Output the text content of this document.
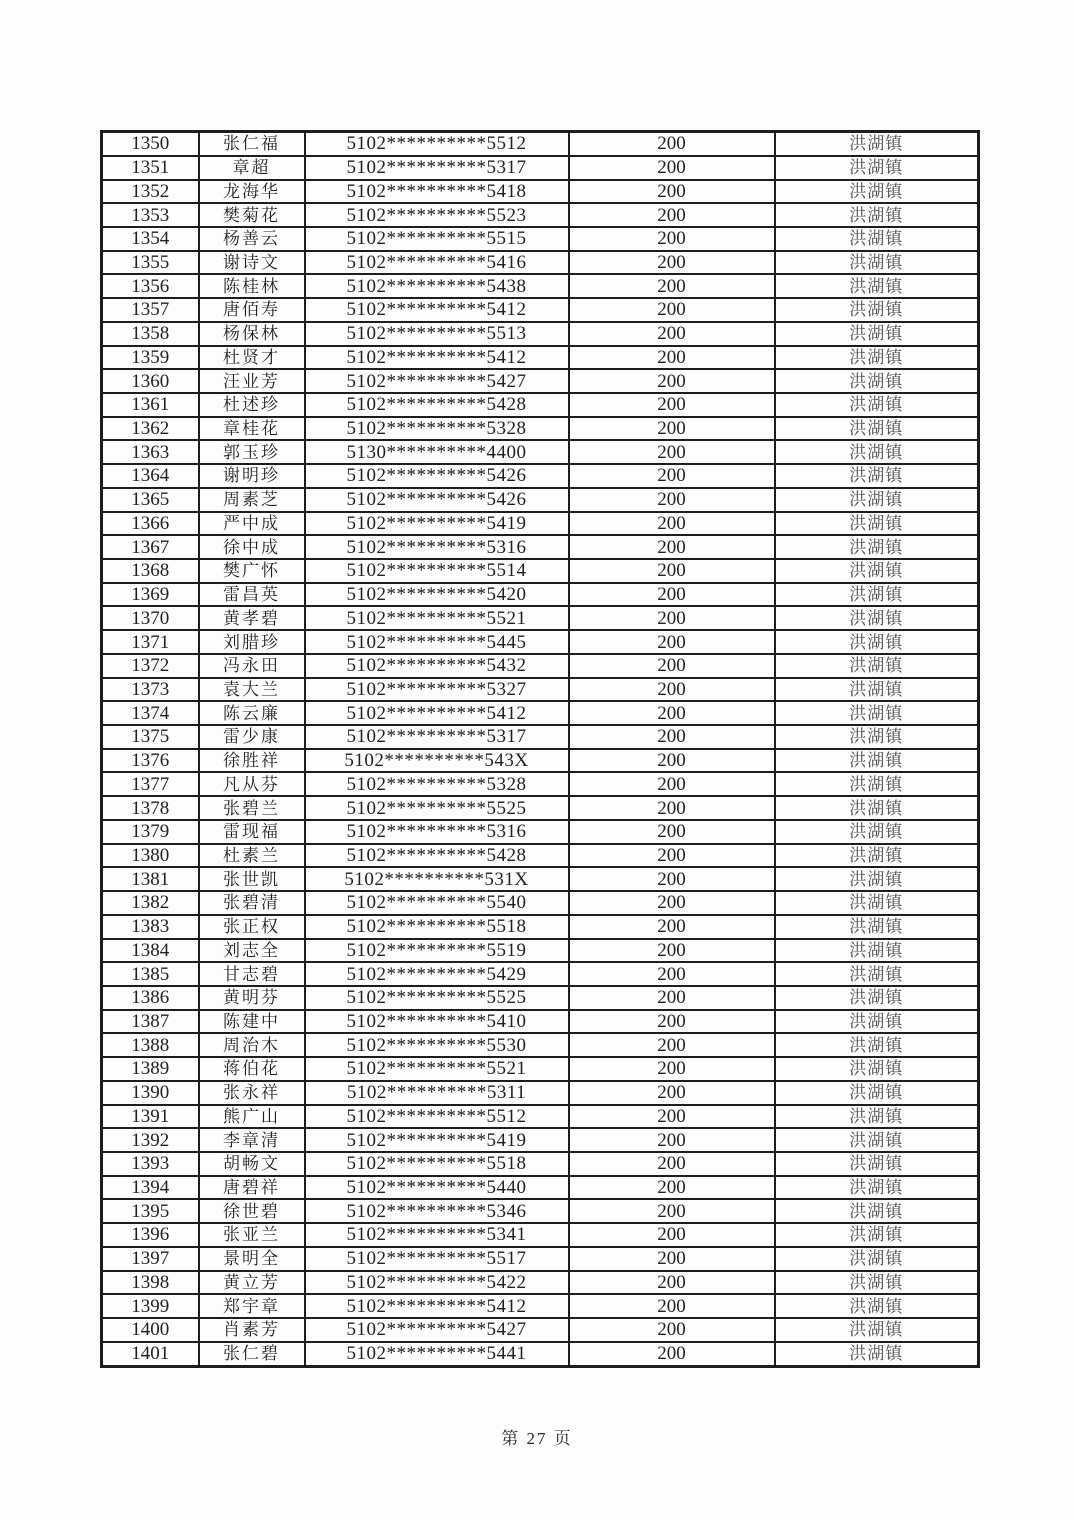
1350	张仁福	5102**********5512	200	洪湖镇
1351	章超	5102**********5317	200	洪湖镇
1352	龙海华	5102**********5418	200	洪湖镇
1353	樊菊花	5102**********5523	200	洪湖镇
1354	杨善云	5102**********5515	200	洪湖镇
1355	谢诗文	5102**********5416	200	洪湖镇
1356	陈桂林	5102**********5438	200	洪湖镇
1357	唐佰寿	5102**********5412	200	洪湖镇
1358	杨保林	5102**********5513	200	洪湖镇
1359	杜贤才	5102**********5412	200	洪湖镇
1360	汪业芳	5102**********5427	200	洪湖镇
1361	杜述珍	5102**********5428	200	洪湖镇
1362	章桂花	5102**********5328	200	洪湖镇
1363	郭玉珍	5130**********4400	200	洪湖镇
1364	谢明珍	5102**********5426	200	洪湖镇
1365	周素芝	5102**********5426	200	洪湖镇
1366	严中成	5102**********5419	200	洪湖镇
1367	徐中成	5102**********5316	200	洪湖镇
1368	樊广怀	5102**********5514	200	洪湖镇
1369	雷昌英	5102**********5420	200	洪湖镇
1370	黄孝碧	5102**********5521	200	洪湖镇
1371	刘腊珍	5102**********5445	200	洪湖镇
1372	冯永田	5102**********5432	200	洪湖镇
1373	袁大兰	5102**********5327	200	洪湖镇
1374	陈云廉	5102**********5412	200	洪湖镇
1375	雷少康	5102**********5317	200	洪湖镇
1376	徐胜祥	5102**********543X	200	洪湖镇
1377	凡从芬	5102**********5328	200	洪湖镇
1378	张碧兰	5102**********5525	200	洪湖镇
1379	雷现福	5102**********5316	200	洪湖镇
1380	杜素兰	5102**********5428	200	洪湖镇
1381	张世凯	5102**********531X	200	洪湖镇
1382	张碧清	5102**********5540	200	洪湖镇
1383	张正权	5102**********5518	200	洪湖镇
1384	刘志全	5102**********5519	200	洪湖镇
1385	甘志碧	5102**********5429	200	洪湖镇
1386	黄明芬	5102**********5525	200	洪湖镇
1387	陈建中	5102**********5410	200	洪湖镇
1388	周治木	5102**********5530	200	洪湖镇
1389	蒋伯花	5102**********5521	200	洪湖镇
1390	张永祥	5102**********5311	200	洪湖镇
1391	熊广山	5102**********5512	200	洪湖镇
1392	李章清	5102**********5419	200	洪湖镇
1393	胡畅文	5102**********5518	200	洪湖镇
1394	唐碧祥	5102**********5440	200	洪湖镇
1395	徐世碧	5102**********5346	200	洪湖镇
1396	张亚兰	5102**********5341	200	洪湖镇
1397	景明全	5102**********5517	200	洪湖镇
1398	黄立芳	5102**********5422	200	洪湖镇
1399	郑宇章	5102**********5412	200	洪湖镇
1400	肖素芳	5102**********5427	200	洪湖镇
1401	张仁碧	5102**********5441	200	洪湖镇
第 27 页
